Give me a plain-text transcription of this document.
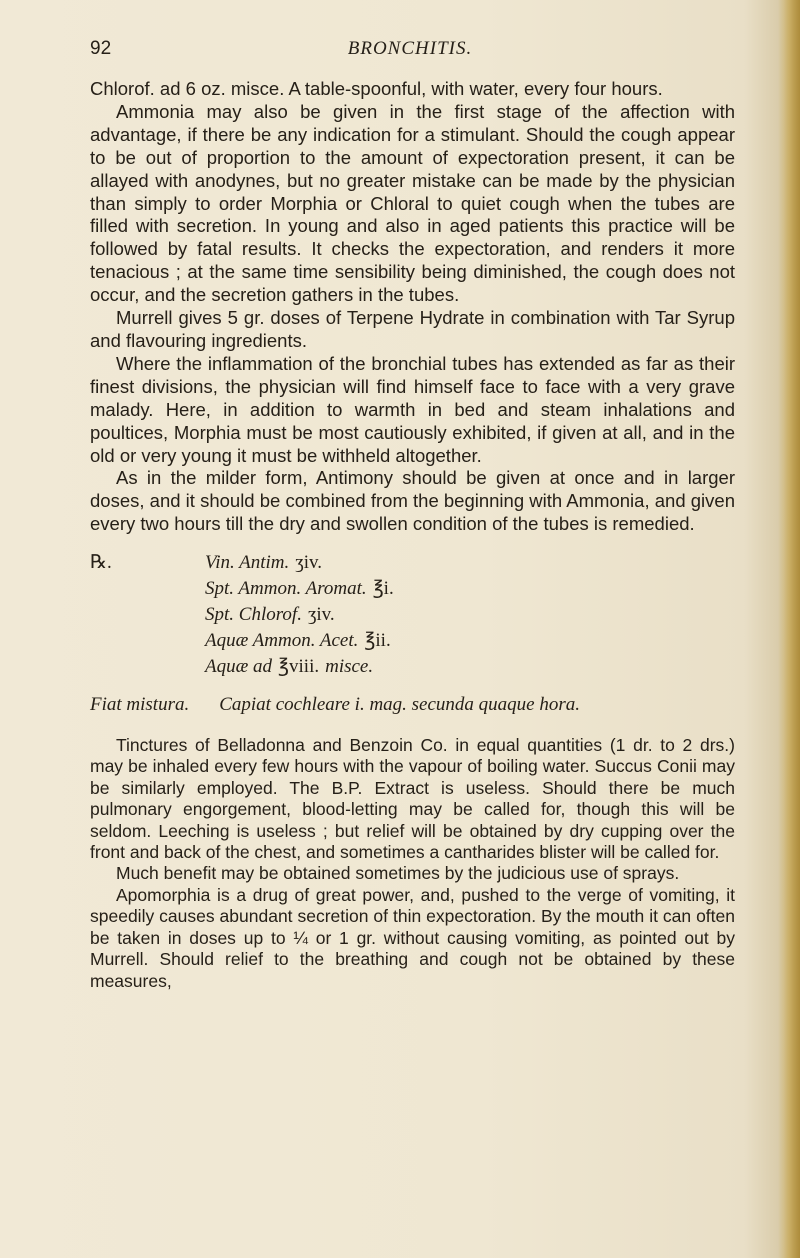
92	BRONCHITIS.

Chlorof. ad 6 oz. misce. A table-spoonful, with water, every four hours.

Ammonia may also be given in the first stage of the affection with advantage, if there be any indication for a stimulant. Should the cough appear to be out of proportion to the amount of expectoration present, it can be allayed with anodynes, but no greater mistake can be made by the physician than simply to order Morphia or Chloral to quiet cough when the tubes are filled with secretion. In young and also in aged patients this practice will be followed by fatal results. It checks the expectoration, and renders it more tenacious ; at the same time sensibility being diminished, the cough does not occur, and the secretion gathers in the tubes.

Murrell gives 5 gr. doses of Terpene Hydrate in combination with Tar Syrup and flavouring ingredients.

Where the inflammation of the bronchial tubes has extended as far as their finest divisions, the physician will find himself face to face with a very grave malady. Here, in addition to warmth in bed and steam inhalations and poultices, Morphia must be most cautiously exhibited, if given at all, and in the old or very young it must be withheld altogether.

As in the milder form, Antimony should be given at once and in larger doses, and it should be combined from the beginning with Ammonia, and given every two hours till the dry and swollen condition of the tubes is remedied.

℞.	Vin. Antim. ʒiv.
Spt. Ammon. Aromat. ℥i.
Spt. Chlorof. ʒiv.
Aquæ Ammon. Acet. ℥ii.
Aquæ ad ℥viii. misce.

Fiat mistura. Capiat cochleare i. mag. secunda quaque hora.

Tinctures of Belladonna and Benzoin Co. in equal quantities (1 dr. to 2 drs.) may be inhaled every few hours with the vapour of boiling water. Succus Conii may be similarly employed. The B.P. Extract is useless. Should there be much pulmonary engorgement, blood-letting may be called for, though this will be seldom. Leeching is useless ; but relief will be obtained by dry cupping over the front and back of the chest, and sometimes a cantharides blister will be called for.

Much benefit may be obtained sometimes by the judicious use of sprays.

Apomorphia is a drug of great power, and, pushed to the verge of vomiting, it speedily causes abundant secretion of thin expectoration. By the mouth it can often be taken in doses up to ¼ or 1 gr. without causing vomiting, as pointed out by Murrell. Should relief to the breathing and cough not be obtained by these measures,
